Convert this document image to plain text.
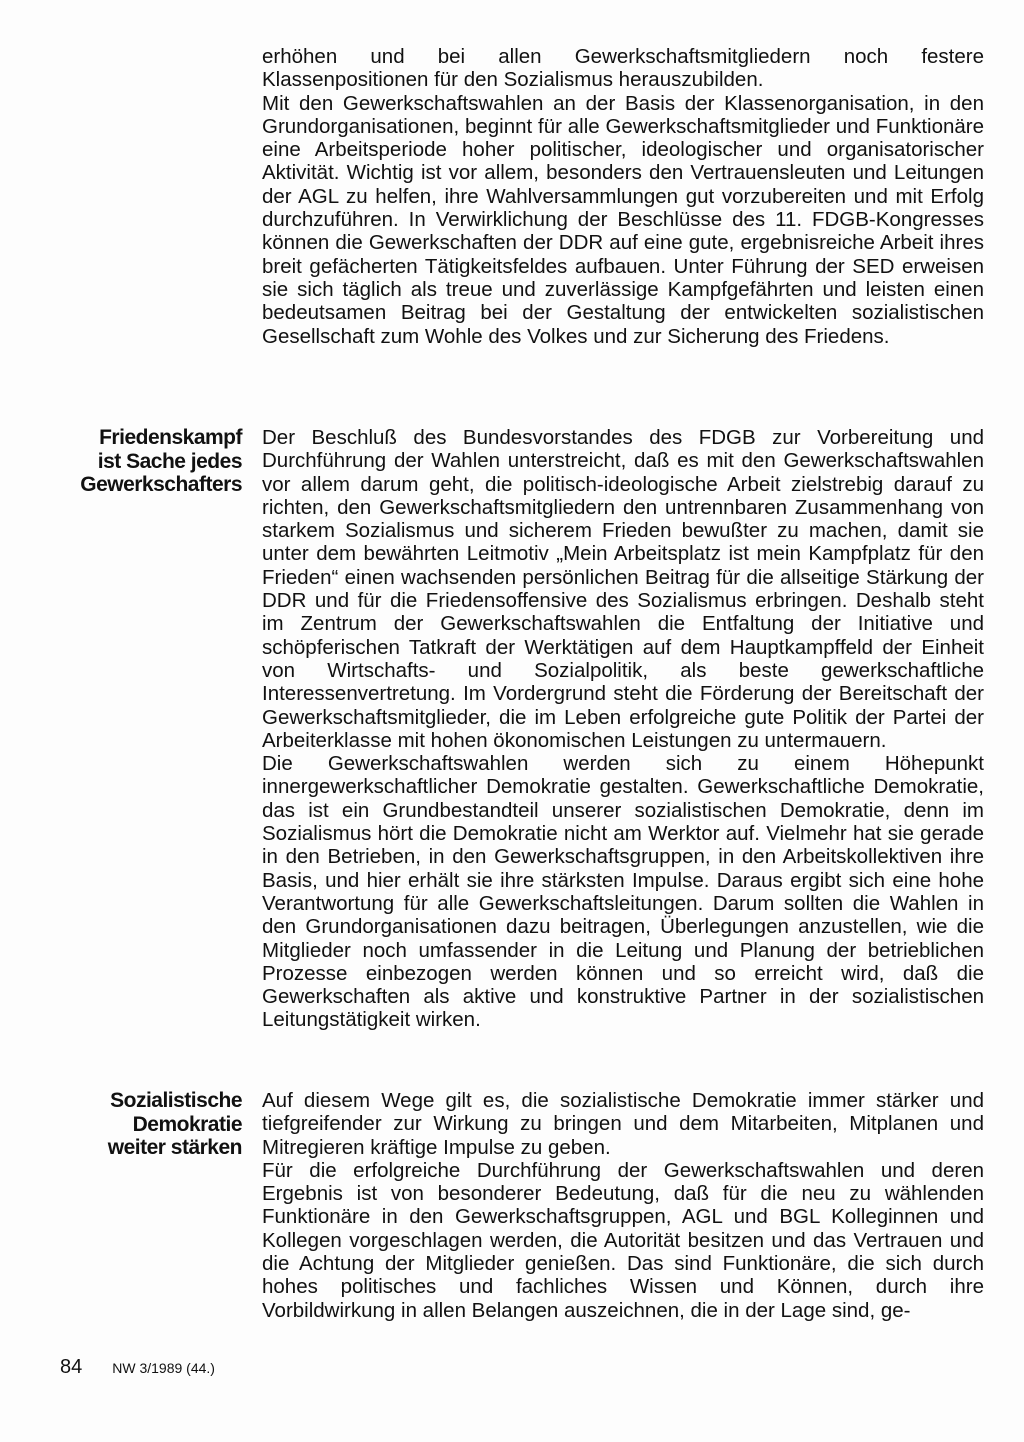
erhöhen und bei allen Gewerkschaftsmitgliedern noch festere Klassenpositionen für den Sozialismus herauszubilden.

Mit den Gewerkschaftswahlen an der Basis der Klassenorganisation, in den Grundorganisationen, beginnt für alle Gewerkschaftsmitglieder und Funktionäre eine Arbeitsperiode hoher politischer, ideologischer und organisatorischer Aktivität. Wichtig ist vor allem, besonders den Vertrauensleuten und Leitungen der AGL zu helfen, ihre Wahlversammlungen gut vorzubereiten und mit Erfolg durchzuführen. In Verwirklichung der Beschlüsse des 11. FDGB-Kongresses können die Gewerkschaften der DDR auf eine gute, ergebnisreiche Arbeit ihres breit gefächerten Tätigkeitsfeldes aufbauen. Unter Führung der SED erweisen sie sich täglich als treue und zuverlässige Kampfgefährten und leisten einen bedeutsamen Beitrag bei der Gestaltung der entwickelten sozialistischen Gesellschaft zum Wohle des Volkes und zur Sicherung des Friedens.

Friedenskampf
ist Sache jedes
Gewerkschafters

Der Beschluß des Bundesvorstandes des FDGB zur Vorbereitung und Durchführung der Wahlen unterstreicht, daß es mit den Gewerkschaftswahlen vor allem darum geht, die politisch-ideologische Arbeit zielstrebig darauf zu richten, den Gewerkschaftsmitgliedern den untrennbaren Zusammenhang von starkem Sozialismus und sicherem Frieden bewußter zu machen, damit sie unter dem bewährten Leitmotiv „Mein Arbeitsplatz ist mein Kampfplatz für den Frieden“ einen wachsenden persönlichen Beitrag für die allseitige Stärkung der DDR und für die Friedensoffensive des Sozialismus erbringen. Deshalb steht im Zentrum der Gewerkschaftswahlen die Entfaltung der Initiative und schöpferischen Tatkraft der Werktätigen auf dem Hauptkampffeld der Einheit von Wirtschafts- und Sozialpolitik, als beste gewerkschaftliche Interessenvertretung. Im Vordergrund steht die Förderung der Bereitschaft der Gewerkschaftsmitglieder, die im Leben erfolgreiche gute Politik der Partei der Arbeiterklasse mit hohen ökonomischen Leistungen zu untermauern.

Die Gewerkschaftswahlen werden sich zu einem Höhepunkt innergewerkschaftlicher Demokratie gestalten. Gewerkschaftliche Demokratie, das ist ein Grundbestandteil unserer sozialistischen Demokratie, denn im Sozialismus hört die Demokratie nicht am Werktor auf. Vielmehr hat sie gerade in den Betrieben, in den Gewerkschaftsgruppen, in den Arbeitskollektiven ihre Basis, und hier erhält sie ihre stärksten Impulse. Daraus ergibt sich eine hohe Verantwortung für alle Gewerkschaftsleitungen. Darum sollten die Wahlen in den Grundorganisationen dazu beitragen, Überlegungen anzustellen, wie die Mitglieder noch umfassender in die Leitung und Planung der betrieblichen Prozesse einbezogen werden können und so erreicht wird, daß die Gewerkschaften als aktive und konstruktive Partner in der sozialistischen Leitungstätigkeit wirken.

Sozialistische
Demokratie
weiter stärken

Auf diesem Wege gilt es, die sozialistische Demokratie immer stärker und tiefgreifender zur Wirkung zu bringen und dem Mitarbeiten, Mitplanen und Mitregieren kräftige Impulse zu geben.

Für die erfolgreiche Durchführung der Gewerkschaftswahlen und deren Ergebnis ist von besonderer Bedeutung, daß für die neu zu wählenden Funktionäre in den Gewerkschaftsgruppen, AGL und BGL Kolleginnen und Kollegen vorgeschlagen werden, die Autorität besitzen und das Vertrauen und die Achtung der Mitglieder genießen. Das sind Funktionäre, die sich durch hohes politisches und fachliches Wissen und Können, durch ihre Vorbildwirkung in allen Belangen auszeichnen, die in der Lage sind, ge-

84 NW 3/1989 (44.)
